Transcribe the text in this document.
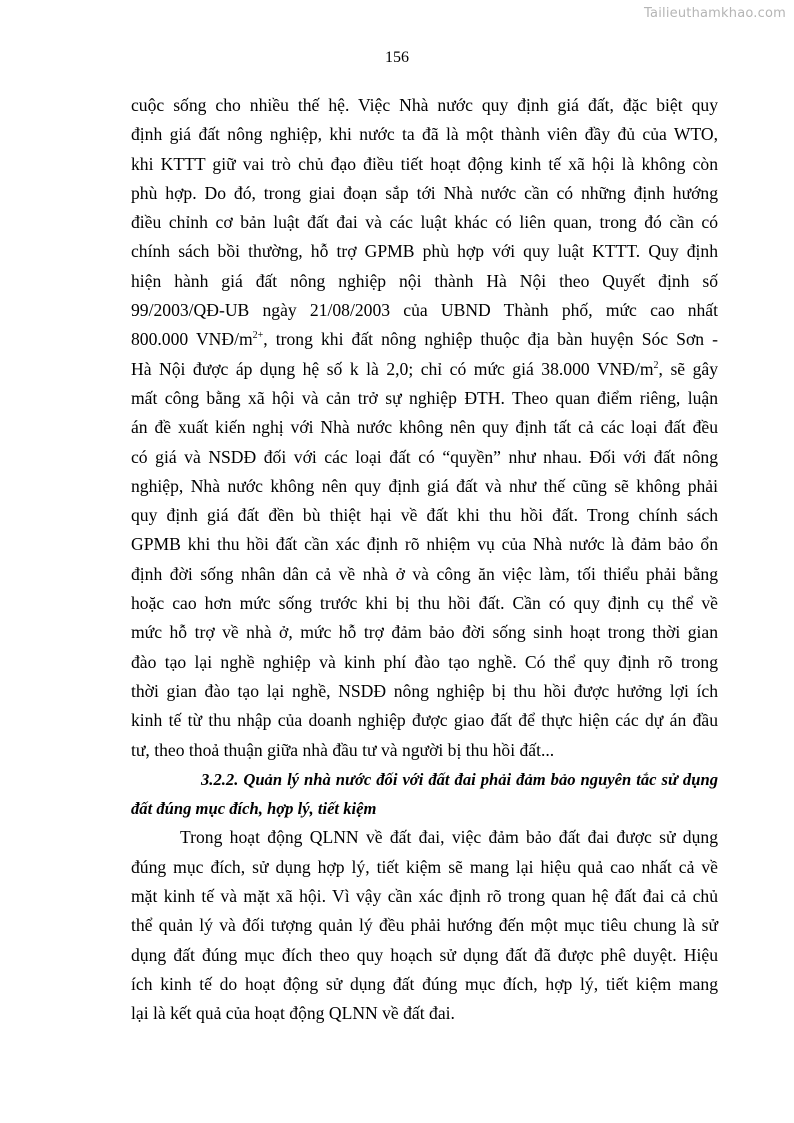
Tailieuthamkhao.com
156
cuộc sống cho nhiều thế hệ. Việc Nhà nước quy định giá đất, đặc biệt quy
định giá đất nông nghiệp, khi nước ta đã là một thành viên đầy đủ của WTO,
khi KTTT giữ vai trò chủ đạo điều tiết hoạt động kinh tế xã hội là không còn
phù hợp. Do đó, trong giai đoạn sắp tới Nhà nước cần có những định hướng
điều chỉnh cơ bản luật đất đai và các luật khác có liên quan, trong đó cần có
chính sách bồi thường, hỗ trợ GPMB phù hợp với quy luật KTTT. Quy định
hiện hành giá đất nông nghiệp nội thành Hà Nội theo Quyết định số
99/2003/QĐ-UB ngày 21/08/2003 của UBND Thành phố, mức cao nhất
800.000 VNĐ/$m^{2+}$, trong khi đất nông nghiệp thuộc địa bàn huyện Sóc Sơn -
Hà Nội được áp dụng hệ số k là 2,0; chỉ có mức giá 38.000 VNĐ/$m^2$, sẽ gây
mất công bằng xã hội và cản trở sự nghiệp ĐTH. Theo quan điểm riêng, luận
án đề xuất kiến nghị với Nhà nước không nên quy định tất cả các loại đất đều
có giá và NSDĐ đối với các loại đất có “quyền” như nhau. Đối với đất nông
nghiệp, Nhà nước không nên quy định giá đất và như thế cũng sẽ không phải
quy định giá đất đền bù thiệt hại về đất khi thu hồi đất. Trong chính sách
GPMB khi thu hồi đất cần xác định rõ nhiệm vụ của Nhà nước là đảm bảo ổn
định đời sống nhân dân cả về nhà ở và công ăn việc làm, tối thiểu phải bằng
hoặc cao hơn mức sống trước khi bị thu hồi đất. Cần có quy định cụ thể về
mức hỗ trợ về nhà ở, mức hỗ trợ đảm bảo đời sống sinh hoạt trong thời gian
đào tạo lại nghề nghiệp và kinh phí đào tạo nghề. Có thể quy định rõ trong
thời gian đào tạo lại nghề, NSDĐ nông nghiệp bị thu hồi được hưởng lợi ích
kinh tế từ thu nhập của doanh nghiệp được giao đất để thực hiện các dự án đầu
tư, theo thoả thuận giữa nhà đầu tư và người bị thu hồi đất...
3.2.2. Quản lý nhà nước đối với đất đai phải đảm bảo nguyên tắc sử dụng
đất đúng mục đích, hợp lý, tiết kiệm
Trong hoạt động QLNN về đất đai, việc đảm bảo đất đai được sử dụng
đúng mục đích, sử dụng hợp lý, tiết kiệm sẽ mang lại hiệu quả cao nhất cả về
mặt kinh tế và mặt xã hội. Vì vậy cần xác định rõ trong quan hệ đất đai cả chủ
thể quản lý và đối tượng quản lý đều phải hướng đến một mục tiêu chung là sử
dụng đất đúng mục đích theo quy hoạch sử dụng đất đã được phê duyệt. Hiệu
ích kinh tế do hoạt động sử dụng đất đúng mục đích, hợp lý, tiết kiệm mang
lại là kết quả của hoạt động QLNN về đất đai.
